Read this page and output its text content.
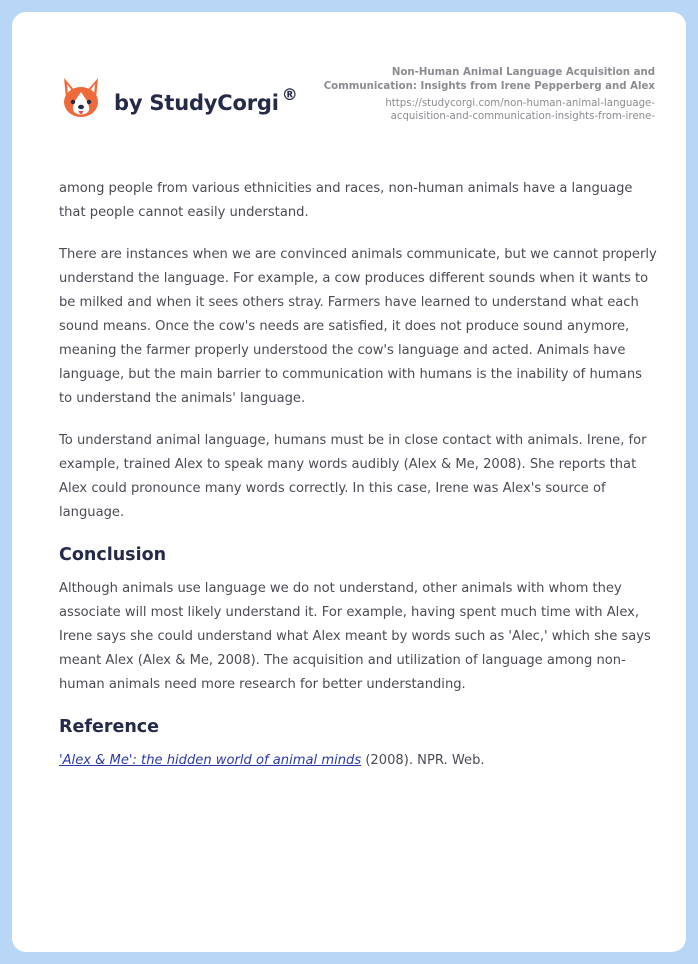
by StudyCorgi ®
Non-Human Animal Language Acquisition and
Communication: Insights from Irene Pepperberg and Alex
https://studycorgi.com/non-human-animal-language-
acquisition-and-communication-insights-from-irene-

among people from various ethnicities and races, non-human animals have a language that people cannot easily understand.

There are instances when we are convinced animals communicate, but we cannot properly understand the language. For example, a cow produces different sounds when it wants to be milked and when it sees others stray. Farmers have learned to understand what each sound means. Once the cow's needs are satisfied, it does not produce sound anymore, meaning the farmer properly understood the cow's language and acted. Animals have language, but the main barrier to communication with humans is the inability of humans to understand the animals' language.

To understand animal language, humans must be in close contact with animals. Irene, for example, trained Alex to speak many words audibly (Alex & Me, 2008). She reports that Alex could pronounce many words correctly. In this case, Irene was Alex's source of language.

Conclusion

Although animals use language we do not understand, other animals with whom they associate will most likely understand it. For example, having spent much time with Alex, Irene says she could understand what Alex meant by words such as 'Alec,' which she says meant Alex (Alex & Me, 2008). The acquisition and utilization of language among non-human animals need more research for better understanding.

Reference

'Alex & Me': the hidden world of animal minds (2008). NPR. Web.
